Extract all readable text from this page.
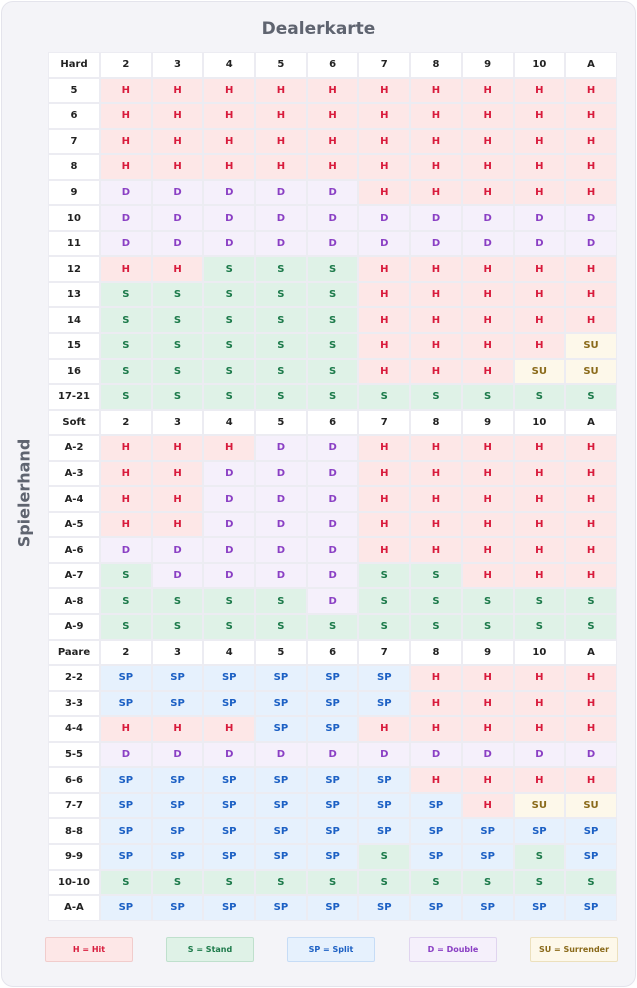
Dealerkarte
Spielerhand
Hard	2	3	4	5	6	7	8	9	10	A
5	H	H	H	H	H	H	H	H	H	H
6	H	H	H	H	H	H	H	H	H	H
7	H	H	H	H	H	H	H	H	H	H
8	H	H	H	H	H	H	H	H	H	H
9	D	D	D	D	D	H	H	H	H	H
10	D	D	D	D	D	D	D	D	D	D
11	D	D	D	D	D	D	D	D	D	D
12	H	H	S	S	S	H	H	H	H	H
13	S	S	S	S	S	H	H	H	H	H
14	S	S	S	S	S	H	H	H	H	H
15	S	S	S	S	S	H	H	H	H	SU
16	S	S	S	S	S	H	H	H	SU	SU
17-21	S	S	S	S	S	S	S	S	S	S
Soft	2	3	4	5	6	7	8	9	10	A
A-2	H	H	H	D	D	H	H	H	H	H
A-3	H	H	D	D	D	H	H	H	H	H
A-4	H	H	D	D	D	H	H	H	H	H
A-5	H	H	D	D	D	H	H	H	H	H
A-6	D	D	D	D	D	H	H	H	H	H
A-7	S	D	D	D	D	S	S	H	H	H
A-8	S	S	S	S	D	S	S	S	S	S
A-9	S	S	S	S	S	S	S	S	S	S
Paare	2	3	4	5	6	7	8	9	10	A
2-2	SP	SP	SP	SP	SP	SP	H	H	H	H
3-3	SP	SP	SP	SP	SP	SP	H	H	H	H
4-4	H	H	H	SP	SP	H	H	H	H	H
5-5	D	D	D	D	D	D	D	D	D	D
6-6	SP	SP	SP	SP	SP	SP	H	H	H	H
7-7	SP	SP	SP	SP	SP	SP	SP	H	SU	SU
8-8	SP	SP	SP	SP	SP	SP	SP	SP	SP	SP
9-9	SP	SP	SP	SP	SP	S	SP	SP	S	SP
10-10	S	S	S	S	S	S	S	S	S	S
A-A	SP	SP	SP	SP	SP	SP	SP	SP	SP	SP
H = Hit	S = Stand	SP = Split	D = Double	SU = Surrender
